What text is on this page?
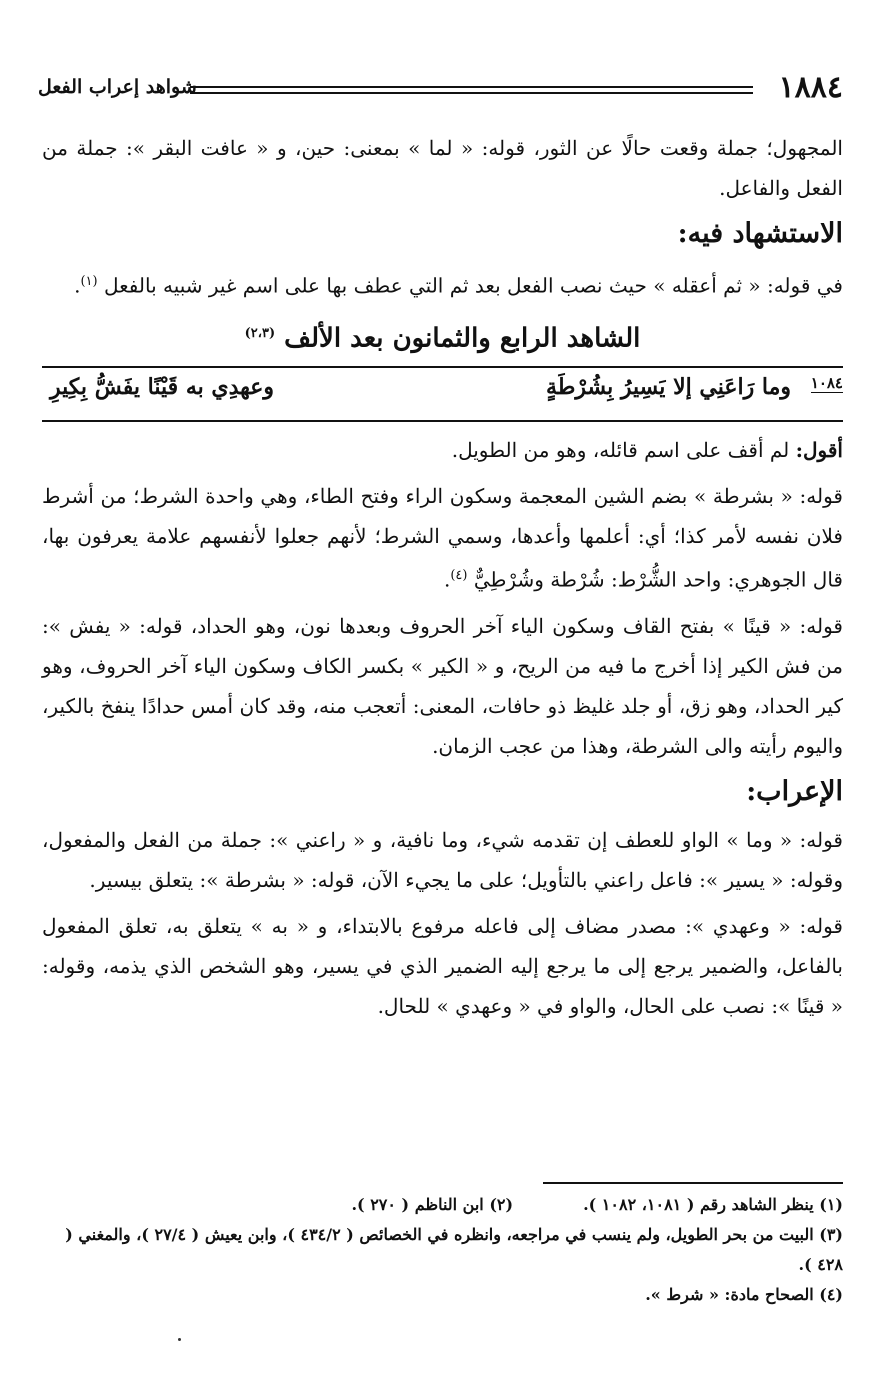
١٨٨٤
شواهد إعراب الفعل

المجهول؛ جملة وقعت حالًا عن الثور، قوله: « لما » بمعنى: حين، و « عافت البقر »: جملة من الفعل والفاعل.

الاستشهاد فيه:

في قوله: « ثم أعقله » حيث نصب الفعل بعد ثم التي عطف بها على اسم غير شبيه بالفعل $^{(١)}$.

الشاهد الرابع والثمانون بعد الألف $^{(٢،٣)}$
١٠٨٤
وما رَاعَنِي إلا يَسِيرُ بِشُرْطَةٍ
وعهدِي به قَيْنًا يفَشُّ بِكِيرِ

أقول: لم أقف على اسم قائله، وهو من الطويل.

قوله: « بشرطة » بضم الشين المعجمة وسكون الراء وفتح الطاء، وهي واحدة الشرط؛ من أشرط فلان نفسه لأمر كذا؛ أي: أعلمها وأعدها، وسمي الشرط؛ لأنهم جعلوا لأنفسهم علامة يعرفون بها، قال الجوهري: واحد الشُّرْط: شُرْطة وشُرْطِيٌّ $^{(٤)}$.

قوله: « قينًا » بفتح القاف وسكون الياء آخر الحروف وبعدها نون، وهو الحداد، قوله: « يفش »: من فش الكير إذا أخرج ما فيه من الريح، و « الكير » بكسر الكاف وسكون الياء آخر الحروف، وهو كير الحداد، وهو زق، أو جلد غليظ ذو حافات، المعنى: أتعجب منه، وقد كان أمس حدادًا ينفخ بالكير، واليوم رأيته والى الشرطة، وهذا من عجب الزمان.

الإعراب:

قوله: « وما » الواو للعطف إن تقدمه شيء، وما نافية، و « راعني »: جملة من الفعل والمفعول، وقوله: « يسير »: فاعل راعني بالتأويل؛ على ما يجيء الآن، قوله: « بشرطة »: يتعلق بيسير.

قوله: « وعهدي »: مصدر مضاف إلى فاعله مرفوع بالابتداء، و « به » يتعلق به، تعلق المفعول بالفاعل، والضمير يرجع إلى ما يرجع إليه الضمير الذي في يسير، وهو الشخص الذي يذمه، وقوله: « قينًا »: نصب على الحال، والواو في « وعهدي » للحال.

(١) ينظر الشاهد رقم ( ١٠٨١، ١٠٨٢ ).
(٢) ابن الناظم ( ٢٧٠ ).
(٣) البيت من بحر الطويل، ولم ينسب في مراجعه، وانظره في الخصائص ( ٤٣٤/٢ )، وابن يعيش ( ٢٧/٤ )، والمغني ( ٤٢٨ ).
(٤) الصحاح مادة: « شرط ».
